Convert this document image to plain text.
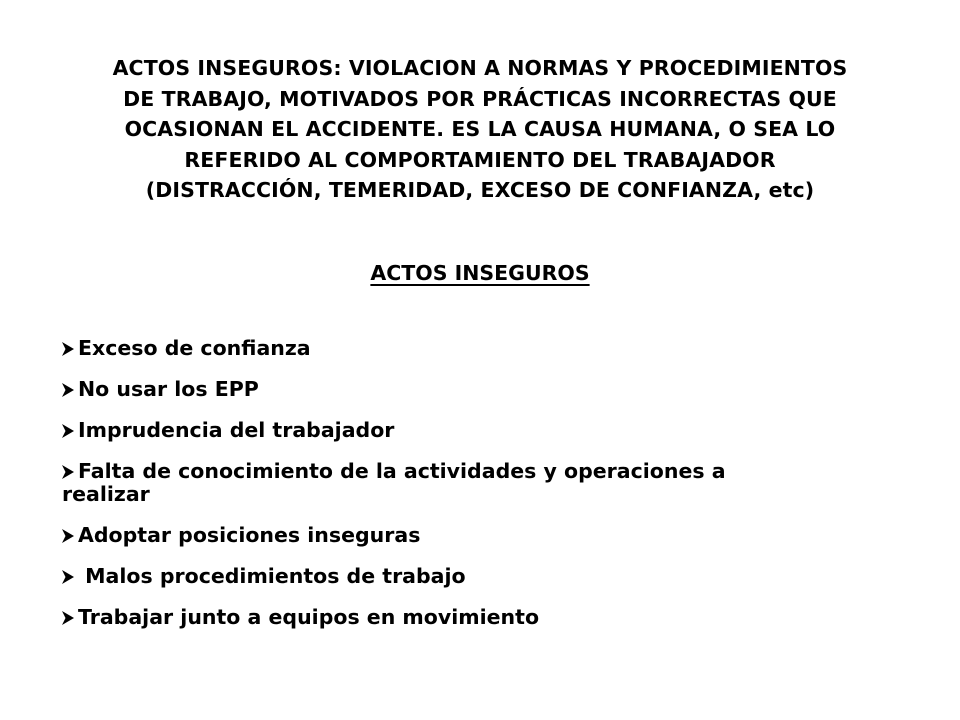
ACTOS INSEGUROS: VIOLACION A NORMAS Y PROCEDIMIENTOS
DE TRABAJO, MOTIVADOS POR PRÁCTICAS INCORRECTAS QUE
OCASIONAN EL ACCIDENTE. ES LA CAUSA HUMANA, O SEA LO
REFERIDO AL COMPORTAMIENTO DEL TRABAJADOR
(DISTRACCIÓN, TEMERIDAD, EXCESO DE CONFIANZA, etc)

ACTOS INSEGUROS
Exceso de confianza
No usar los EPP
Imprudencia del trabajador
Falta de conocimiento de la actividades y operaciones a
realizar
Adoptar posiciones inseguras
Malos procedimientos de trabajo
Trabajar junto a equipos en movimiento
